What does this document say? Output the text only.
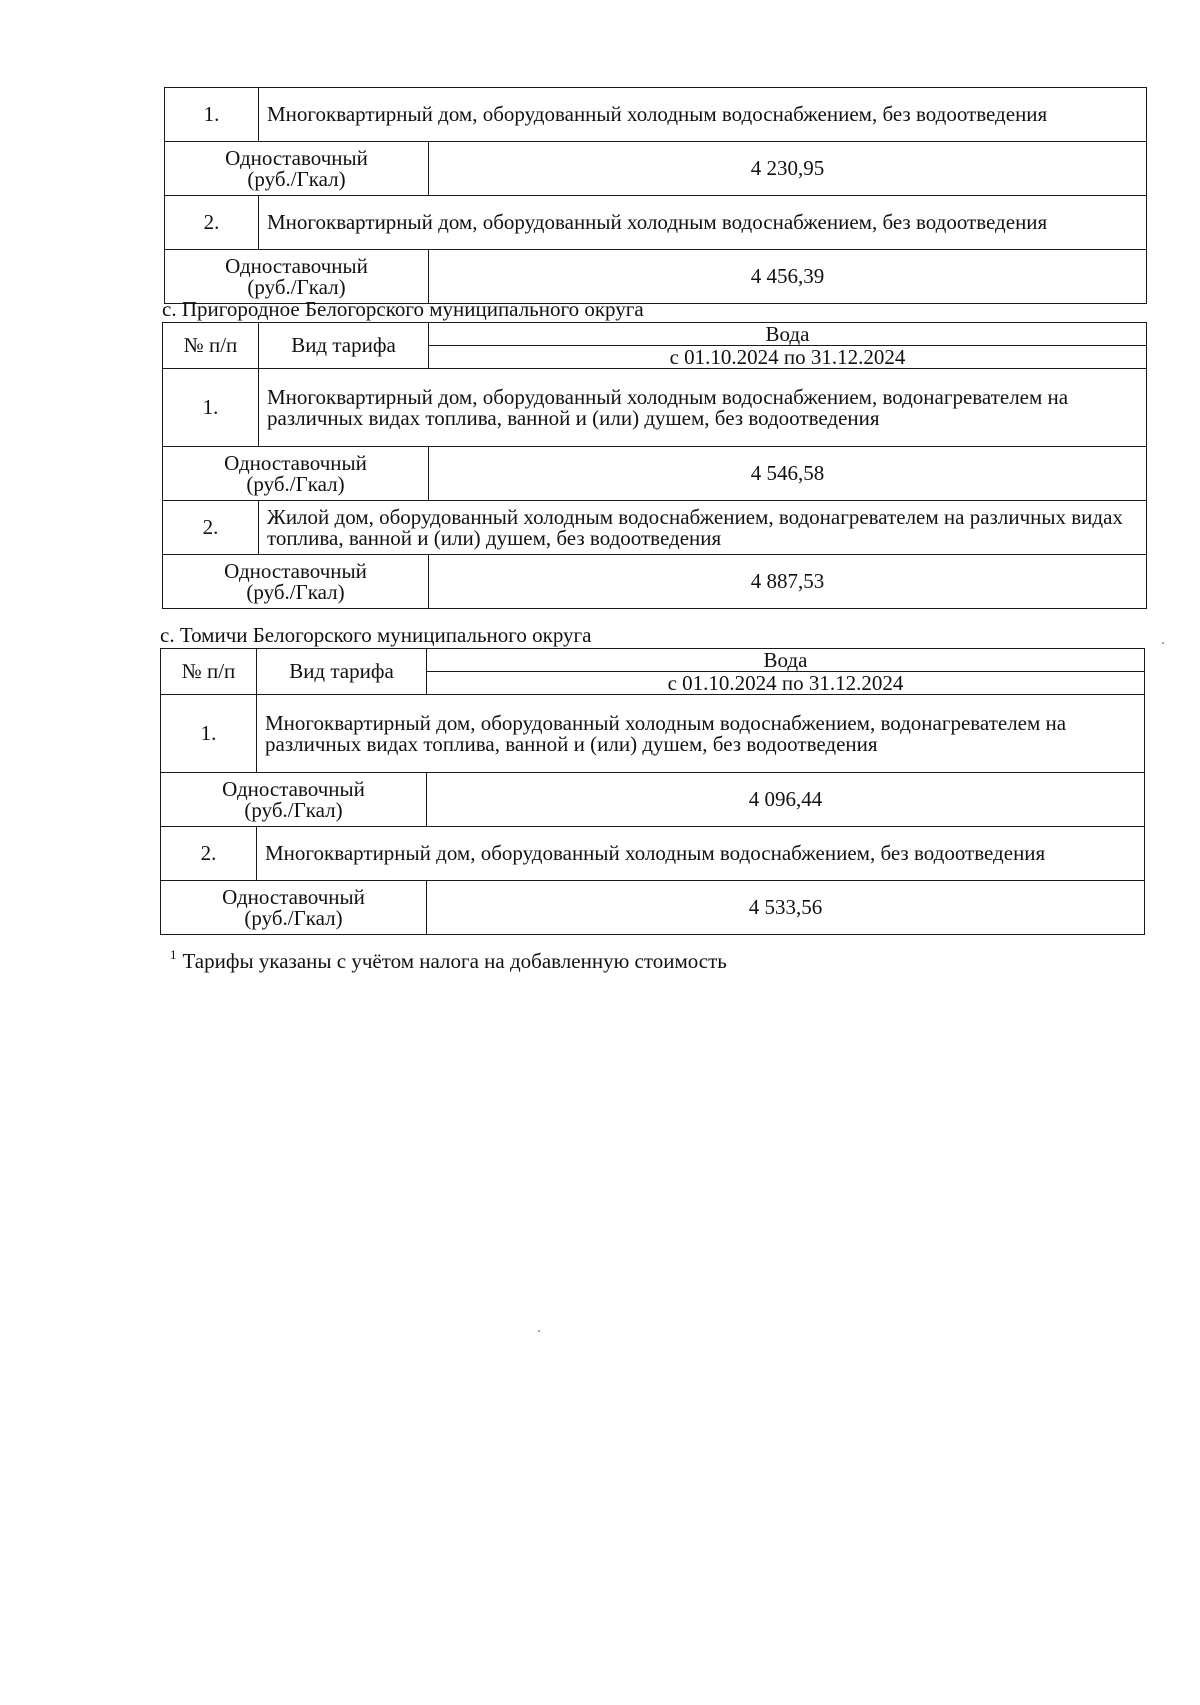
1.	Многоквартирный дом, оборудованный холодным водоснабжением, без водоотведения	

Одноставочный
(руб./Гкал)		4 230,95
2.	Многоквартирный дом, оборудованный холодным водоснабжением, без водоотведения	

Одноставочный
(руб./Гкал)		4 456,39
с. Пригородное Белогорского муниципального округа
№ п/п	Вид тарифа	Вода
		с 01.10.2024 по 31.12.2024
1.	Многоквартирный дом, оборудованный холодным водоснабжением, водонагревателем на различных видах топлива, ванной и (или) душем, без водоотведения	

Одноставочный
(руб./Гкал)		4 546,58
2.	Жилой дом, оборудованный холодным водоснабжением, водонагревателем на различных видах топлива, ванной и (или) душем, без водоотведения	

Одноставочный
(руб./Гкал)		4 887,53
с. Томичи Белогорского муниципального округа
№ п/п	Вид тарифа	Вода
		с 01.10.2024 по 31.12.2024
1.	Многоквартирный дом, оборудованный холодным водоснабжением, водонагревателем на различных видах топлива, ванной и (или) душем, без водоотведения	

Одноставочный
(руб./Гкал)		4 096,44
2.	Многоквартирный дом, оборудованный холодным водоснабжением, без водоотведения	

Одноставочный
(руб./Гкал)		4 533,56
$^1$ Тарифы указаны с учётом налога на добавленную стоимость
